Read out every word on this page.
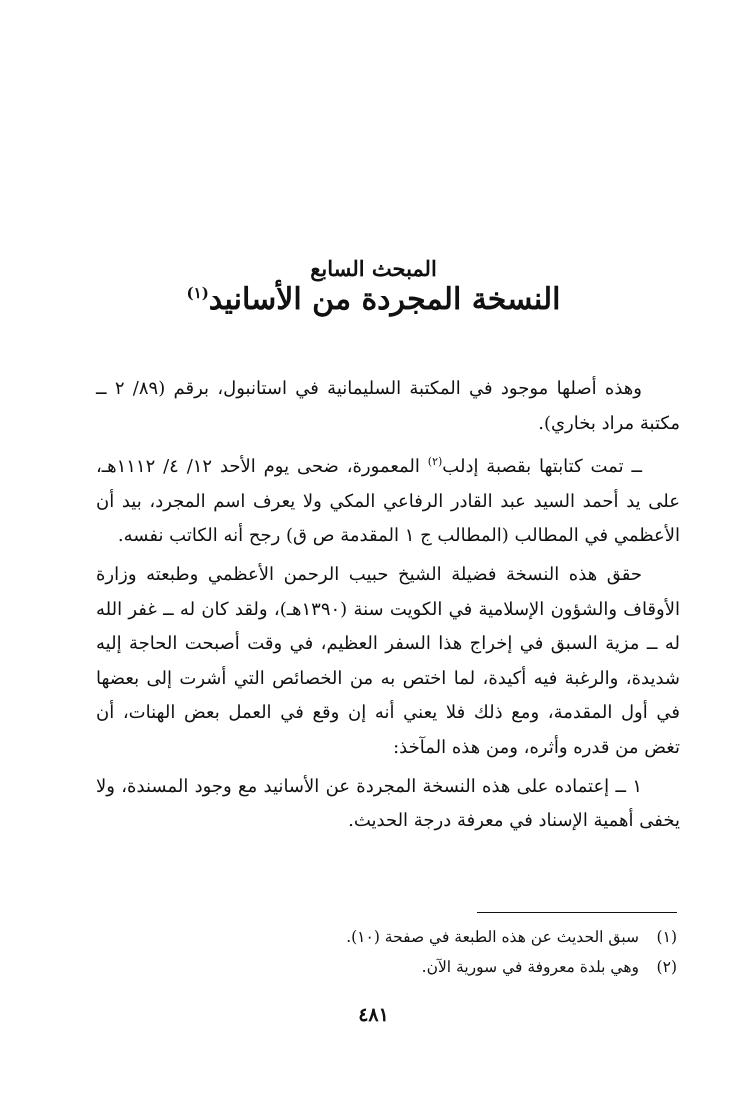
المبحث السابع
النسخة المجردة من الأسانيد$^{(١)}$

وهذه أصلها موجود في المكتبة السليمانية في استانبول، برقم (٨٩/ ٢ ــ مكتبة مراد بخاري).

ــ تمت كتابتها بقصبة إدلب$^{(٢)}$ المعمورة، ضحى يوم الأحد ١٢/ ٤/ ١١١٢هـ، على يد أحمد السيد عبد القادر الرفاعي المكي ولا يعرف اسم المجرد، بيد أن الأعظمي في المطالب (المطالب ج ١ المقدمة ص ق) رجح أنه الكاتب نفسه.

حقق هذه النسخة فضيلة الشيخ حبيب الرحمن الأعظمي وطبعته وزارة الأوقاف والشؤون الإسلامية في الكويت سنة (١٣٩٠هـ)، ولقد كان له ــ غفر الله له ــ مزية السبق في إخراج هذا السفر العظيم، في وقت أصبحت الحاجة إليه شديدة، والرغبة فيه أكيدة، لما اختص به من الخصائص التي أشرت إلى بعضها في أول المقدمة، ومع ذلك فلا يعني أنه إن وقع في العمل بعض الهنات، أن تغض من قدره وأثره، ومن هذه المآخذ:

١ ــ إعتماده على هذه النسخة المجردة عن الأسانيد مع وجود المسندة، ولا يخفى أهمية الإسناد في معرفة درجة الحديث.

(١)
سبق الحديث عن هذه الطبعة في صفحة (١٠).
(٢)
وهي بلدة معروفة في سورية الآن.
٤٨١
